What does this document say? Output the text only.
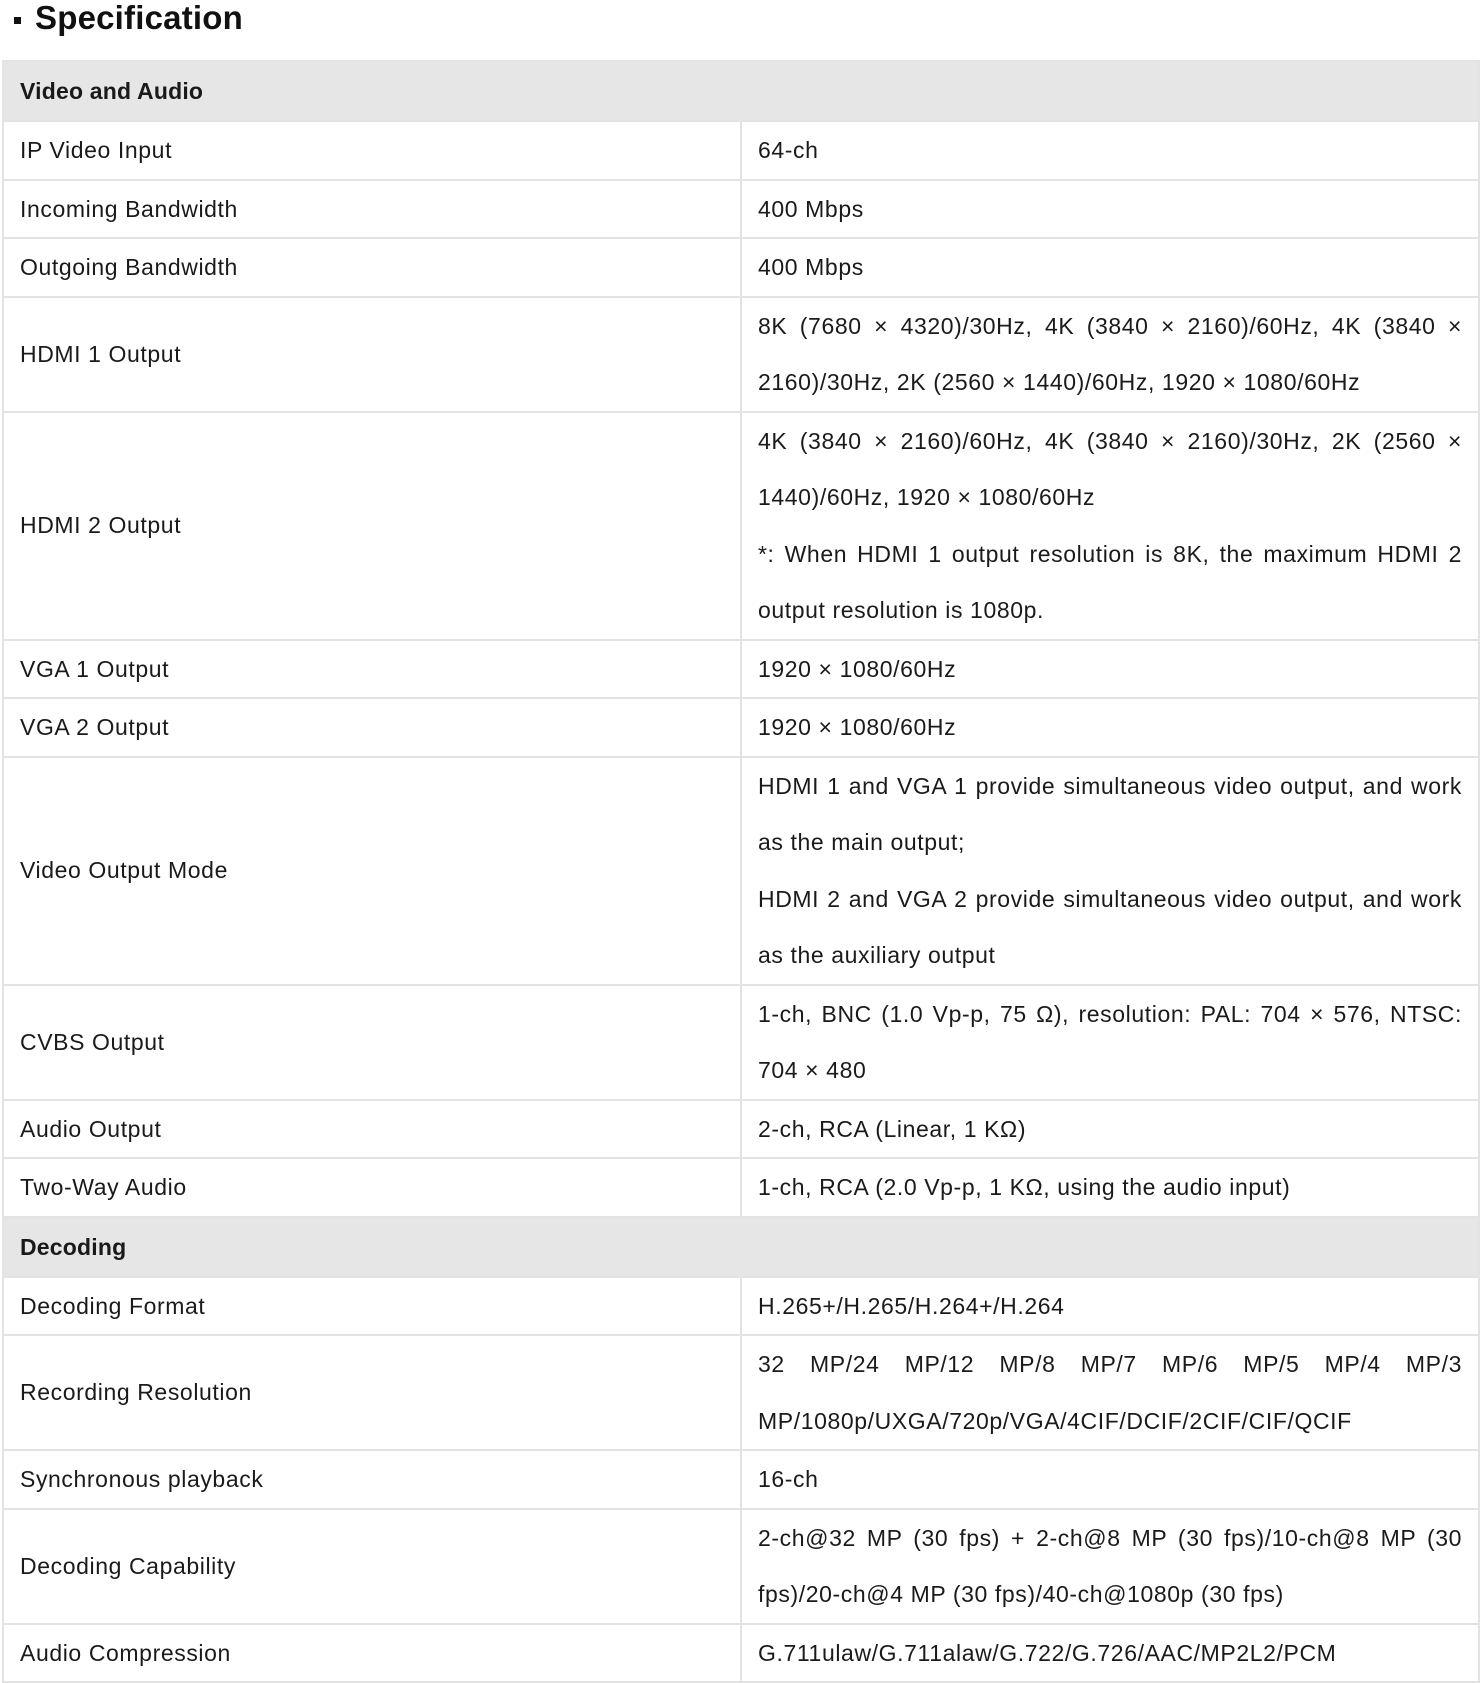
Specification
Video and Audio	
IP Video Input	64-ch
Incoming Bandwidth	400 Mbps
Outgoing Bandwidth	400 Mbps
HDMI 1 Output	8K (7680 × 4320)/30Hz, 4K (3840 × 2160)/60Hz, 4K (3840 × 2160)/30Hz, 2K (2560 × 1440)/60Hz, 1920 × 1080/60Hz
HDMI 2 Output	4K (3840 × 2160)/60Hz, 4K (3840 × 2160)/30Hz, 2K (2560 × 1440)/60Hz, 1920 × 1080/60Hz
*: When HDMI 1 output resolution is 8K, the maximum HDMI 2 output resolution is 1080p.

VGA 1 Output	1920 × 1080/60Hz
VGA 2 Output	1920 × 1080/60Hz
Video Output Mode	HDMI 1 and VGA 1 provide simultaneous video output, and work as the main output;
HDMI 2 and VGA 2 provide simultaneous video output, and work as the auxiliary output

CVBS Output	1-ch, BNC (1.0 Vp-p, 75 Ω), resolution: PAL: 704 × 576, NTSC: 704 × 480
Audio Output	2-ch, RCA (Linear, 1 KΩ)
Two-Way Audio	1-ch, RCA (2.0 Vp-p, 1 KΩ, using the audio input)
Decoding	
Decoding Format	H.265+/H.265/H.264+/H.264
Recording Resolution	32 MP/24 MP/12 MP/8 MP/7 MP/6 MP/5 MP/4 MP/3 MP/1080p/UXGA/720p/VGA/4CIF/DCIF/2CIF/CIF/QCIF
Synchronous playback	16-ch
Decoding Capability	2-ch@32 MP (30 fps) + 2-ch@8 MP (30 fps)/10-ch@8 MP (30 fps)/20-ch@4 MP (30 fps)/40-ch@1080p (30 fps)
Audio Compression	G.711ulaw/G.711alaw/G.722/G.726/AAC/MP2L2/PCM
